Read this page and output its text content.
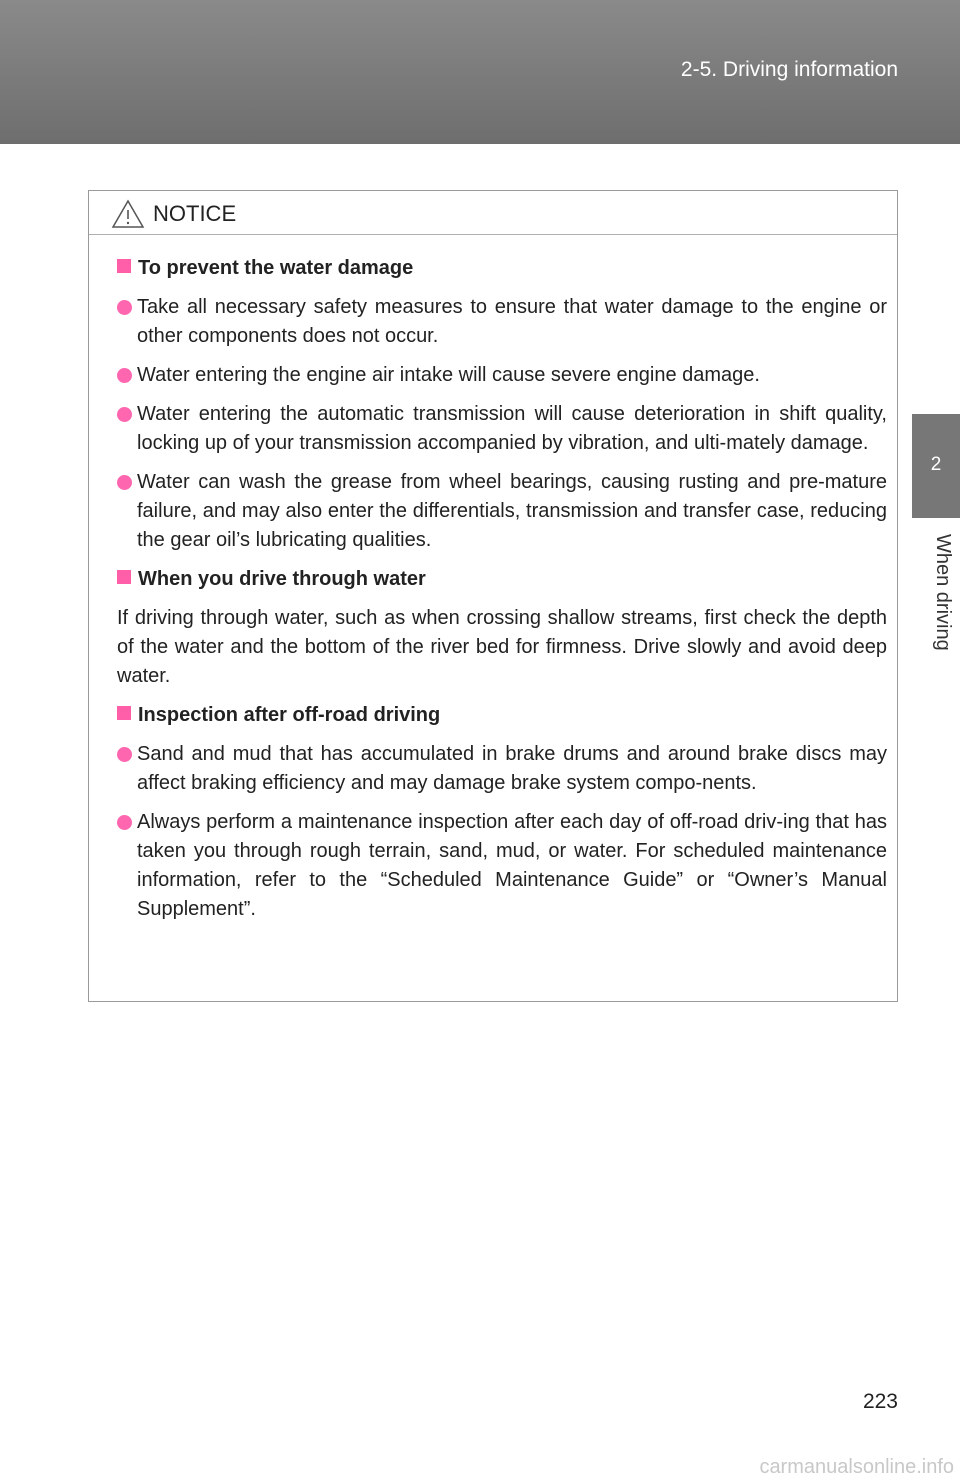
2-5. Driving information
2
When driving
NOTICE
To prevent the water damage
Take all necessary safety measures to ensure that water damage to the engine or other components does not occur.
Water entering the engine air intake will cause severe engine damage.
Water entering the automatic transmission will cause deterioration in shift quality, locking up of your transmission accompanied by vibration, and ulti-mately damage.
Water can wash the grease from wheel bearings, causing rusting and pre-mature failure, and may also enter the differentials, transmission and transfer case, reducing the gear oil’s lubricating qualities.
When you drive through water
If driving through water, such as when crossing shallow streams, first check the depth of the water and the bottom of the river bed for firmness. Drive slowly and avoid deep water.
Inspection after off-road driving
Sand and mud that has accumulated in brake drums and around brake discs may affect braking efficiency and may damage brake system compo-nents.
Always perform a maintenance inspection after each day of off-road driv-ing that has taken you through rough terrain, sand, mud, or water. For scheduled maintenance information, refer to the “Scheduled Maintenance Guide” or “Owner’s Manual Supplement”.
223
carmanualsonline.info
